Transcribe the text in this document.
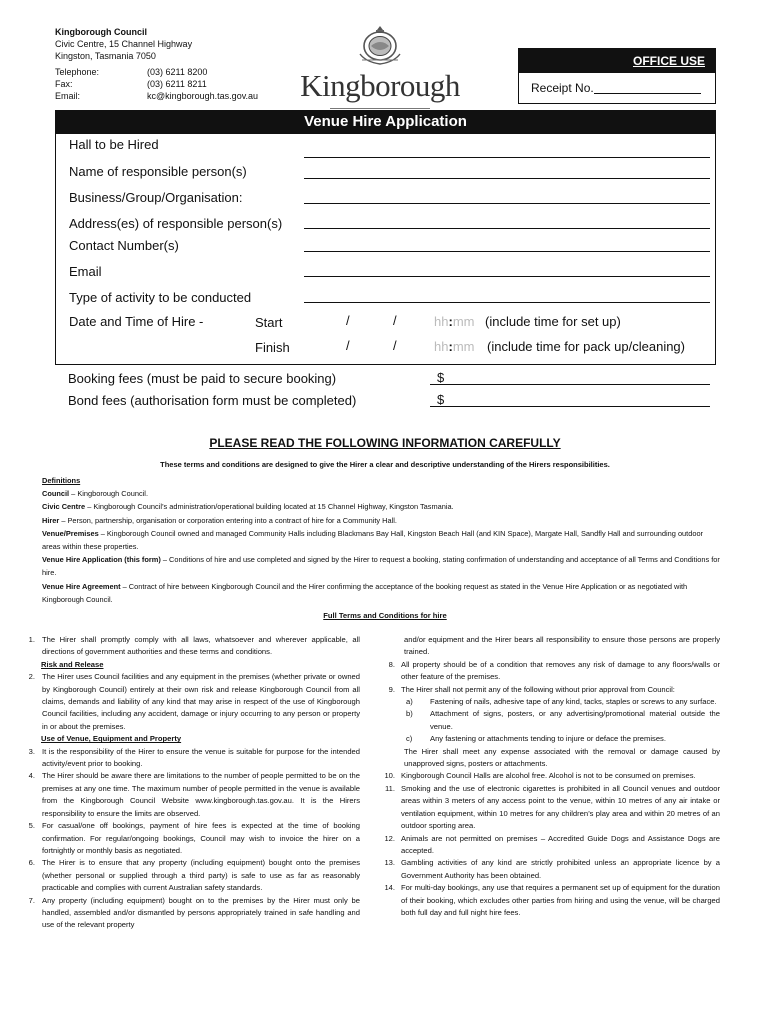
Kingborough Council
Civic Centre, 15 Channel Highway
Kingston, Tasmania 7050
Telephone:	(03) 6211 8200
Fax:	(03) 6211 8211
Email:	kc@kingborough.tas.gov.au Kingborough
OFFICE USE
Receipt No.
Venue Hire Application
Hall to be Hired
Name of responsible person(s)
Business/Group/Organisation:
Address(es) of responsible person(s)
Contact Number(s)
Email
Type of activity to be conducted
Date and Time of Hire -	Start	/	/	hh:mm (include time for set up)
Finish	/	/	hh:mm (include time for pack up/cleaning)
Booking fees (must be paid to secure booking)	$
Bond fees (authorisation form must be completed)	$
PLEASE READ THE FOLLOWING INFORMATION CAREFULLY
These terms and conditions are designed to give the Hirer a clear and descriptive understanding of the Hirers responsibilities.
Definitions
Council – Kingborough Council.
Civic Centre – Kingborough Council’s administration/operational building located at 15 Channel Highway, Kingston Tasmania.
Hirer – Person, partnership, organisation or corporation entering into a contract of hire for a Community Hall.
Venue/Premises – Kingborough Council owned and managed Community Halls including Blackmans Bay Hall, Kingston Beach Hall (and KIN Space), Margate Hall, Sandfly Hall and surrounding outdoor areas within these properties.
Venue Hire Application (this form) – Conditions of hire and use completed and signed by the Hirer to request a booking, stating confirmation of understanding and acceptance of all Terms and Conditions for hire.
Venue Hire Agreement – Contract of hire between Kingborough Council and the Hirer confirming the acceptance of the booking request as stated in the Venue Hire Application or as negotiated with Kingborough Council.
Full Terms and Conditions for hire
1. The Hirer shall promptly comply with all laws, whatsoever and wherever applicable, all directions of government authorities and these terms and conditions.
Risk and Release
2. The Hirer uses Council facilities and any equipment in the premises (whether private or owned by Kingborough Council) entirely at their own risk and release Kingborough Council from all claims, demands and liability of any kind that may arise in respect of the use of Kingborough Council facilities, including any accident, damage or injury occurring to any person or property in or about the premises.
Use of Venue, Equipment and Property
3. It is the responsibility of the Hirer to ensure the venue is suitable for purpose for the intended activity/event prior to booking.
4. The Hirer should be aware there are limitations to the number of people permitted to be on the premises at any one time. The maximum number of people permitted in the venue is available from the Kingborough Council Website www.kingborough.tas.gov.au. It is the Hirers responsibility to ensure the limits are observed.
5. For casual/one off bookings, payment of hire fees is expected at the time of booking confirmation. For regular/ongoing bookings, Council may wish to invoice the hirer on a fortnightly or monthly basis as negotiated.
6. The Hirer is to ensure that any property (including equipment) bought onto the premises (whether personal or supplied through a third party) is safe to use as far as reasonably practicable and complies with current Australian safety standards.
7. Any property (including equipment) bought on to the premises by the Hirer must only be handled, assembled and/or dismantled by persons appropriately trained in safe handling and use of the relevant property
and/or equipment and the Hirer bears all responsibility to ensure those persons are properly trained.
8. All property should be of a condition that removes any risk of damage to any floors/walls or other feature of the premises.
9. The Hirer shall not permit any of the following without prior approval from Council:
a)	Fastening of nails, adhesive tape of any kind, tacks, staples or screws to any surface.
b)	Attachment of signs, posters, or any advertising/promotional material outside the venue.
c)	Any fastening or attachments tending to injure or deface the premises.
The Hirer shall meet any expense associated with the removal or damage caused by unapproved signs, posters or attachments.
10. Kingborough Council Halls are alcohol free. Alcohol is not to be consumed on premises.
11. Smoking and the use of electronic cigarettes is prohibited in all Council venues and outdoor areas within 3 meters of any access point to the venue, within 10 metres of any air intake or ventilation equipment, within 10 metres for any children’s play area and within 20 metres of an outdoor sporting area.
12. Animals are not permitted on premises – Accredited Guide Dogs and Assistance Dogs are accepted.
13. Gambling activities of any kind are strictly prohibited unless an appropriate licence by a Government Authority has been obtained.
14. For multi-day bookings, any use that requires a permanent set up of equipment for the duration of their booking, which excludes other parties from hiring and using the venue, will be charged both full day and full night hire fees.
